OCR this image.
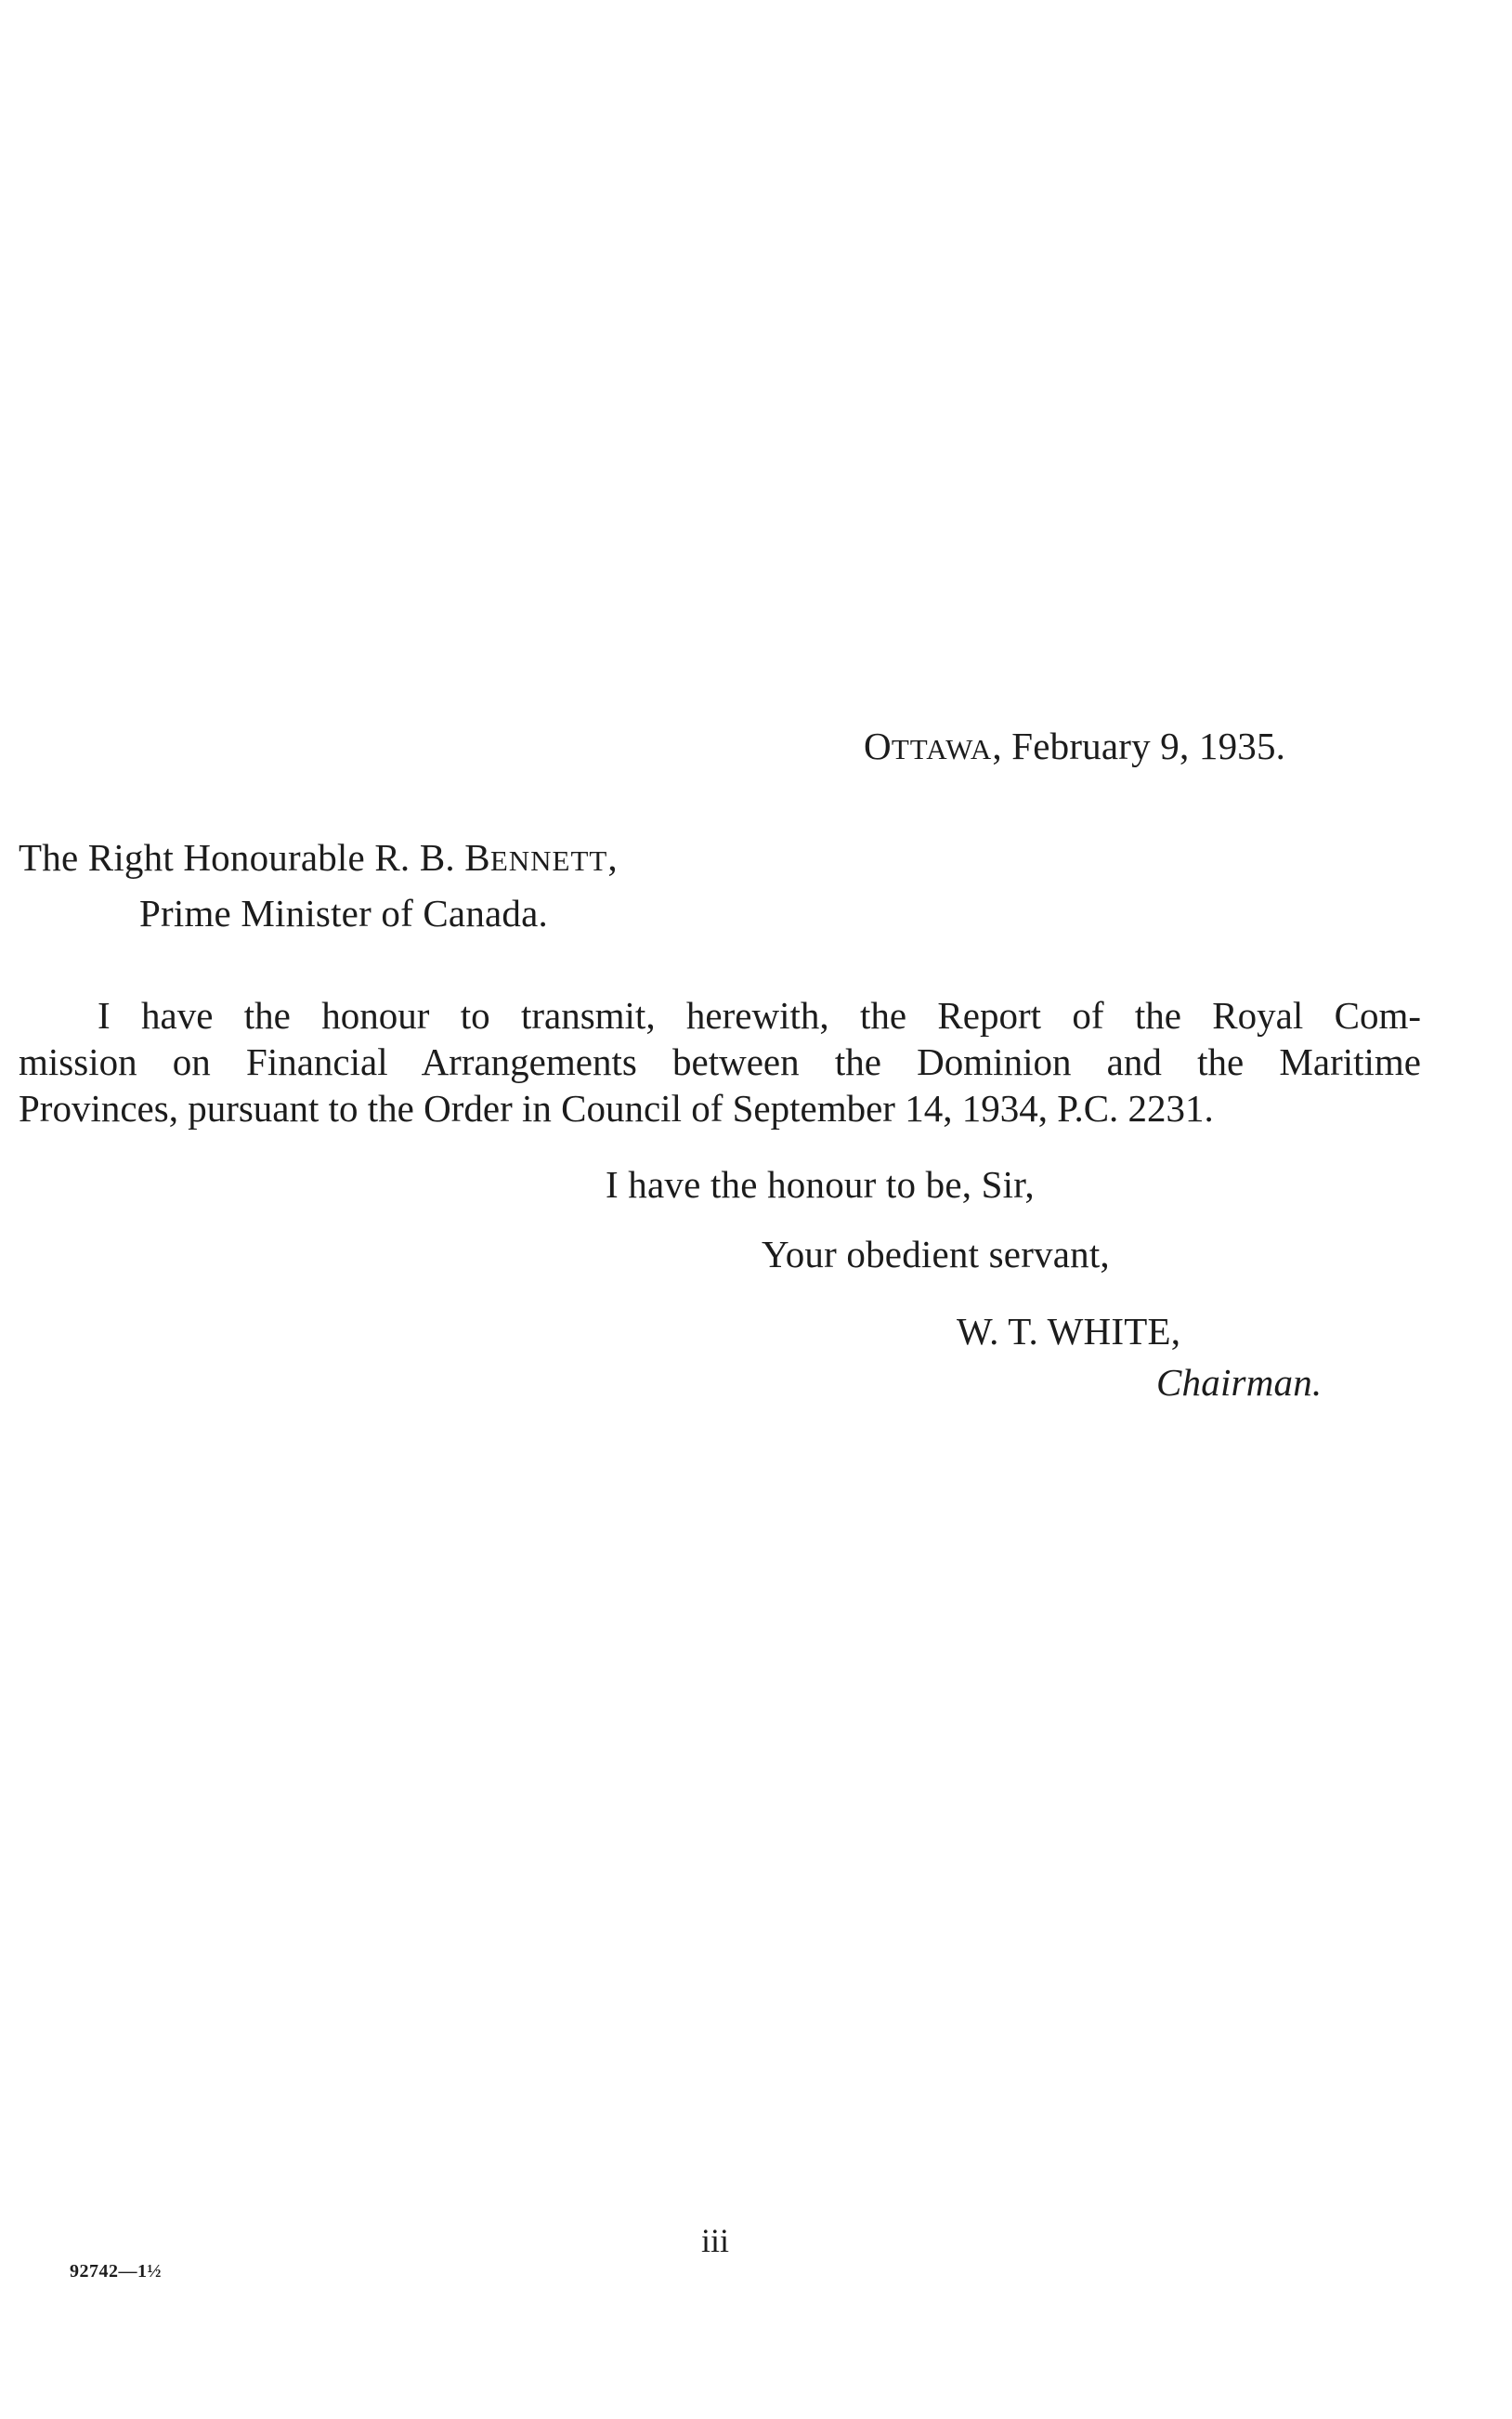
OTTAWA, February 9, 1935.
The Right Honourable R. B. BENNETT,
Prime Minister of Canada.
I have the honour to transmit, herewith, the Report of the Royal Com-
mission on Financial Arrangements between the Dominion and the Maritime
Provinces, pursuant to the Order in Council of September 14, 1934, P.C. 2231.
I have the honour to be, Sir,
Your obedient servant,
W. T. WHITE,
Chairman.
iii
92742—1½
